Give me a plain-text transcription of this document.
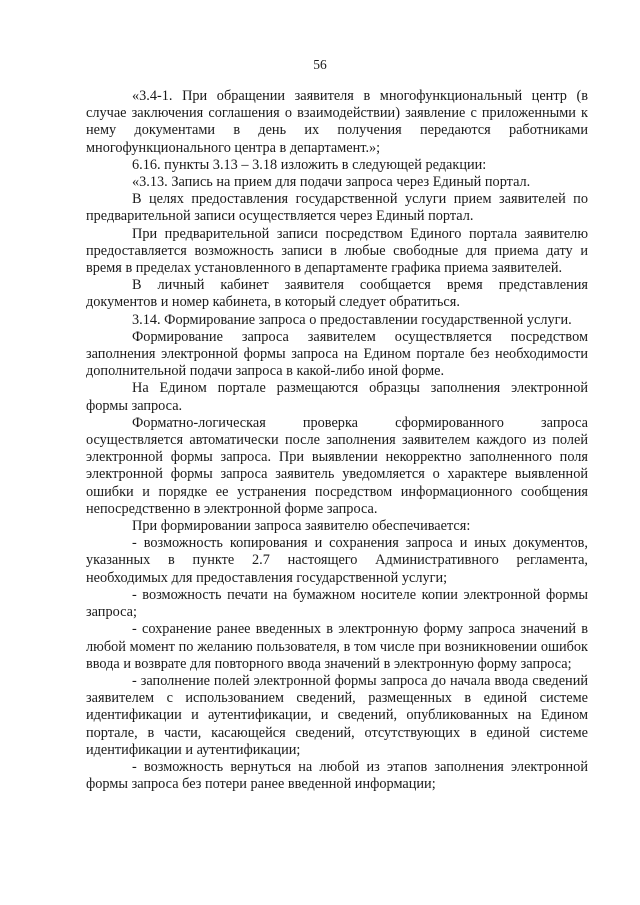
56

«3.4-1. При обращении заявителя в многофункциональный центр (в случае заключения соглашения о взаимодействии) заявление с приложенными к нему документами в день их получения передаются работниками многофункционального центра в департамент.»;

6.16. пункты 3.13 – 3.18 изложить в следующей редакции:

«3.13. Запись на прием для подачи запроса через Единый портал.

В целях предоставления государственной услуги прием заявителей по предварительной записи осуществляется через Единый портал.

При предварительной записи посредством Единого портала заявителю предоставляется возможность записи в любые свободные для приема дату и время в пределах установленного в департаменте графика приема заявителей.

В личный кабинет заявителя сообщается время представления документов и номер кабинета, в который следует обратиться.

3.14. Формирование запроса о предоставлении государственной услуги.

Формирование запроса заявителем осуществляется посредством заполнения электронной формы запроса на Едином портале без необходимости дополнительной подачи запроса в какой-либо иной форме.

На Едином портале размещаются образцы заполнения электронной формы запроса.

Форматно-логическая проверка сформированного запроса осуществляется автоматически после заполнения заявителем каждого из полей электронной формы запроса. При выявлении некорректно заполненного поля электронной формы запроса заявитель уведомляется о характере выявленной ошибки и порядке ее устранения посредством информационного сообщения непосредственно в электронной форме запроса.

При формировании запроса заявителю обеспечивается:

- возможность копирования и сохранения запроса и иных документов, указанных в пункте 2.7 настоящего Административного регламента, необходимых для предоставления государственной услуги;

- возможность печати на бумажном носителе копии электронной формы запроса;

- сохранение ранее введенных в электронную форму запроса значений в любой момент по желанию пользователя, в том числе при возникновении ошибок ввода и возврате для повторного ввода значений в электронную форму запроса;

- заполнение полей электронной формы запроса до начала ввода сведений заявителем с использованием сведений, размещенных в единой системе идентификации и аутентификации, и сведений, опубликованных на Едином портале, в части, касающейся сведений, отсутствующих в единой системе идентификации и аутентификации;

- возможность вернуться на любой из этапов заполнения электронной формы запроса без потери ранее введенной информации;
